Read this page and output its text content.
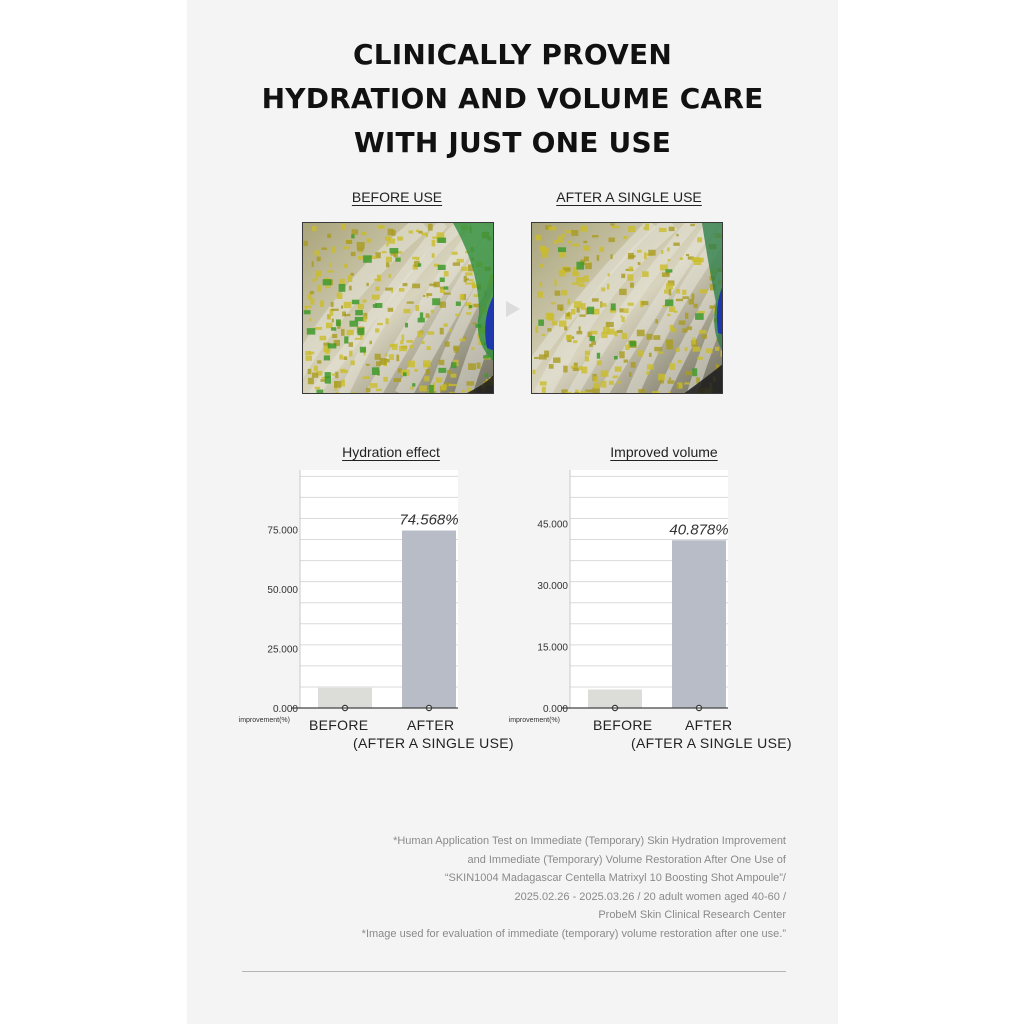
CLINICALLY PROVEN
HYDRATION AND VOLUME CARE
WITH JUST ONE USE
BEFORE USE	AFTER A SINGLE USE
Hydration effect
74.568%
0.000
25.000
50.000
75.000
improvement(%) BEFORE	AFTER
(AFTER A SINGLE USE)
Improved volume
40.878%
0.000
15.000
30.000
45.000
improvement(%) BEFORE AFTER
(AFTER A SINGLE USE)

*Human Application Test on Immediate (Temporary) Skin Hydration Improvement
and Immediate (Temporary) Volume Restoration After One Use of
“SKIN1004 Madagascar Centella Matrixyl 10 Boosting Shot Ampoule”/
2025.02.26 - 2025.03.26 / 20 adult women aged 40-60 /
ProbeM Skin Clinical Research Center
*Image used for evaluation of immediate (temporary) volume restoration after one use.”
